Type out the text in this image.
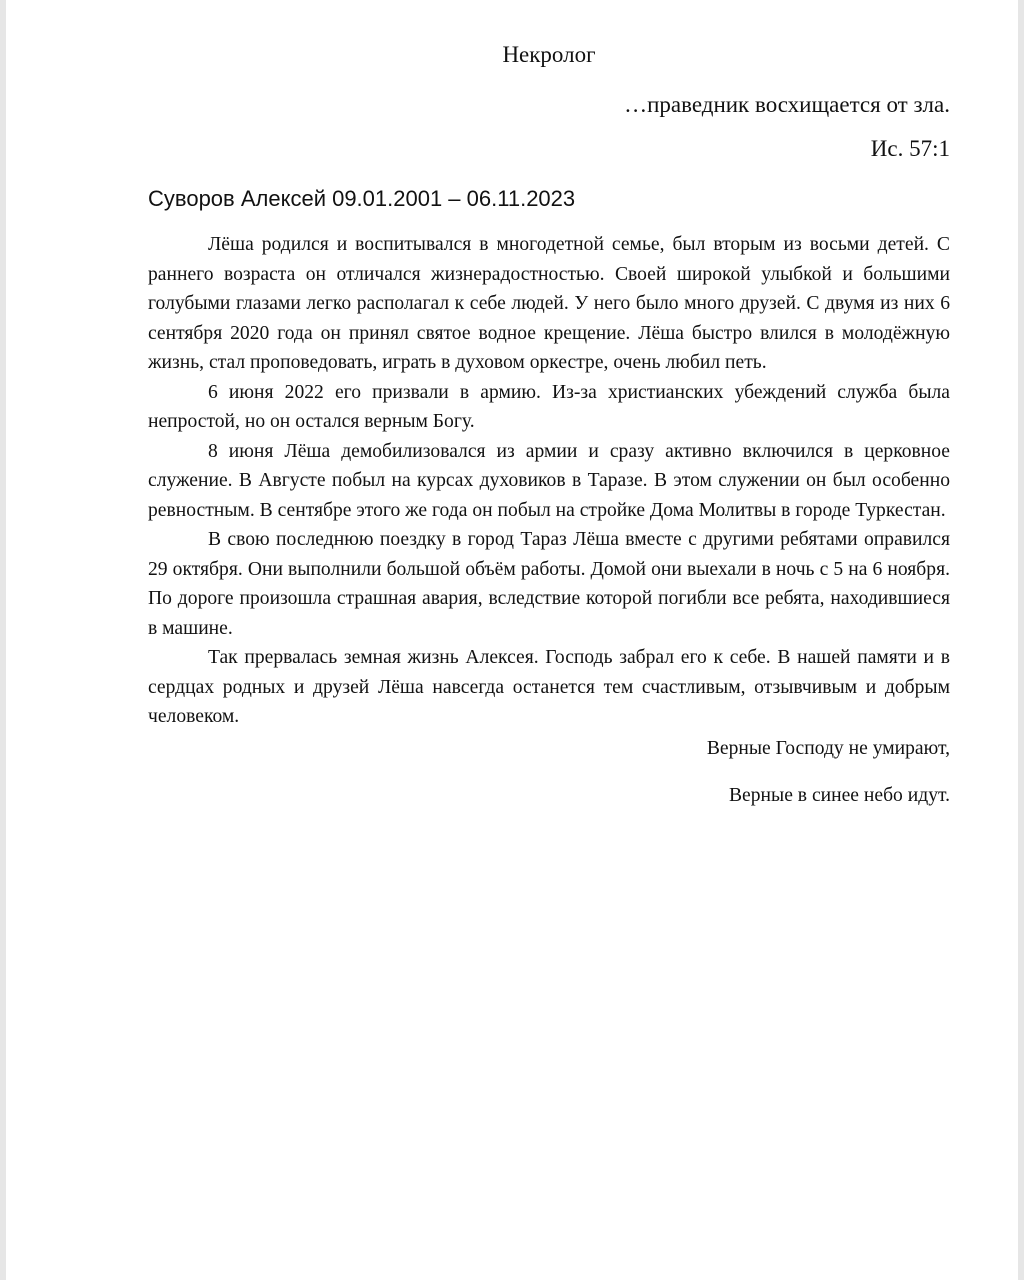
Некролог

…праведник восхищается от зла.

Ис. 57:1

Суворов Алексей 09.01.2001 – 06.11.2023

Лёша родился и воспитывался в многодетной семье, был вторым из восьми детей. С раннего возраста он отличался жизнерадостностью. Своей широкой улыбкой и большими голубыми глазами легко располагал к себе людей. У него было много друзей. С двумя из них 6 сентября 2020 года он принял святое водное крещение. Лёша быстро влился в молодёжную жизнь, стал проповедовать, играть в духовом оркестре, очень любил петь.

6 июня 2022 его призвали в армию. Из-за христианских убеждений служба была непростой, но он остался верным Богу.

8 июня Лёша демобилизовался из армии и сразу активно включился в церковное служение. В Августе побыл на курсах духовиков в Таразе. В этом служении он был особенно ревностным. В сентябре этого же года он побыл на стройке Дома Молитвы в городе Туркестан.

В свою последнюю поездку в город Тараз Лёша вместе с другими ребятами оправился 29 октября. Они выполнили большой объём работы. Домой они выехали в ночь с 5 на 6 ноября. По дороге произошла страшная авария, вследствие которой погибли все ребята, находившиеся в машине.

Так прервалась земная жизнь Алексея. Господь забрал его к себе. В нашей памяти и в сердцах родных и друзей Лёша навсегда останется тем счастливым, отзывчивым и добрым человеком.

Верные Господу не умирают,

Верные в синее небо идут.
